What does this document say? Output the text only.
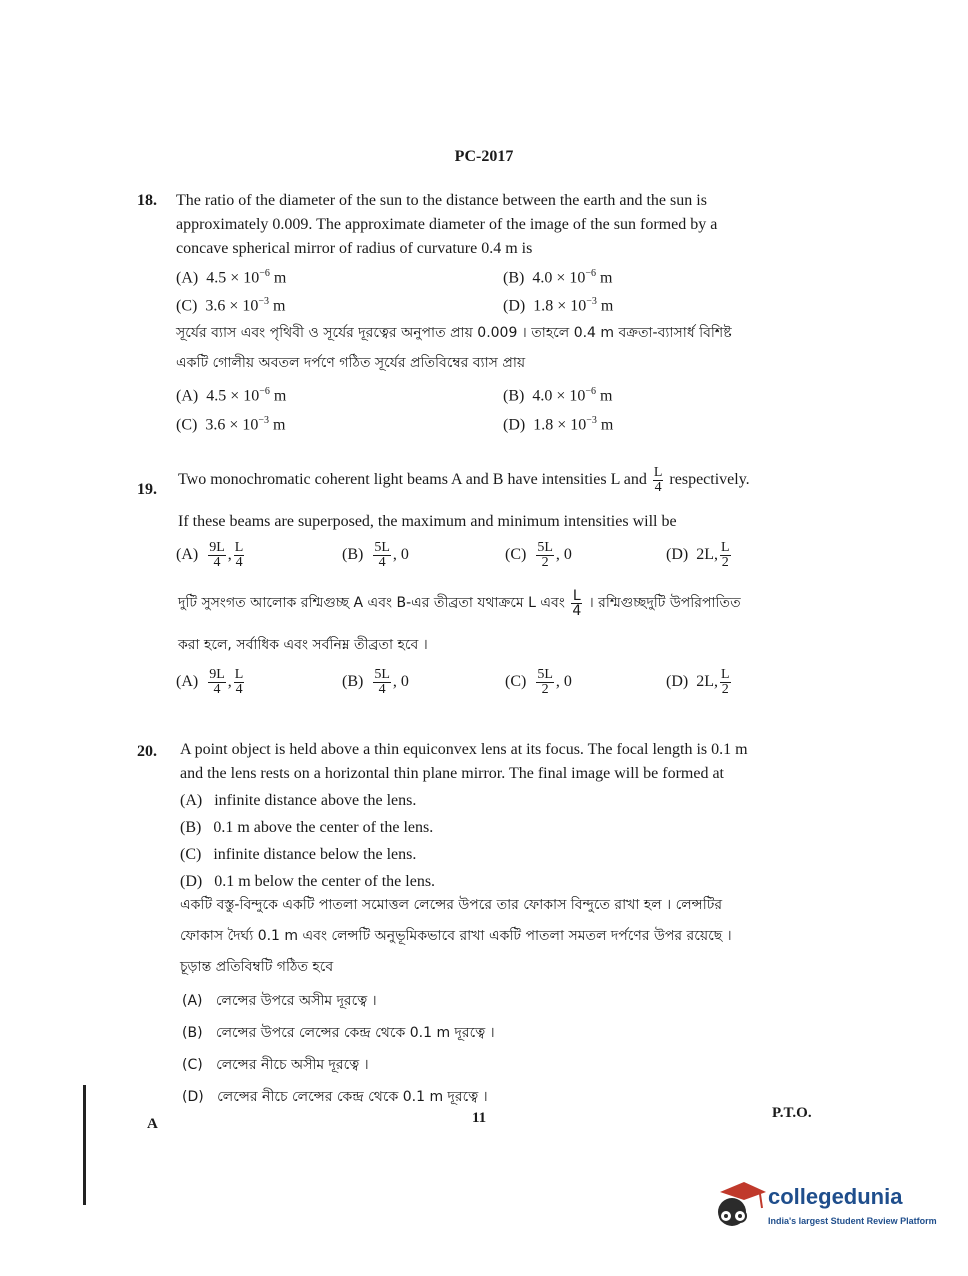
PC-2017
18. The ratio of the diameter of the sun to the distance between the earth and the sun is
approximately 0.009. The approximate diameter of the image of the sun formed by a
concave spherical mirror of radius of curvature 0.4 m is
(A) $4.5 \times 10^{-6}$ m	(B) $4.0 \times 10^{-6}$ m
(C) $3.6 \times 10^{-3}$ m	(D) $1.8 \times 10^{-3}$ m
সূর্যের ব্যাস এবং পৃথিবী ও সূর্যের দূরত্বের অনুপাত প্রায় 0.009 । তাহলে 0.4 m বক্রতা-ব্যাসার্ধ বিশিষ্ট
একটি গোলীয় অবতল দর্পণে গঠিত সূর্যের প্রতিবিম্বের ব্যাস প্রায়
(A) $4.5 \times 10^{-6}$ m	(B) $4.0 \times 10^{-6}$ m
(C) $3.6 \times 10^{-3}$ m	(D) $1.8 \times 10^{-3}$ m
19.
Two monochromatic coherent light beams A and B have intensities L and $\frac{L}{4}$ respectively.
If these beams are superposed, the maximum and minimum intensities will be
$(A) \frac{9L}{4}$ , $\frac{L}{4}$	$(B) \frac{5L}{4}$ , 0	$(C) \frac{5L}{2}$ , 0	(D) 2L, $\frac{L}{2}$
দুটি সুসংগত আলোক রশ্মিগুচ্ছ A এবং B-এর তীব্রতা যথাক্রমে L এবং $\frac{L}{4}$ । রশ্মিগুচ্ছদুটি উপরিপাতিত
করা হলে, সর্বাধিক এবং সর্বনিম্ন তীব্রতা হবে ।
$(A) \frac{9L}{4}$ , $\frac{L}{4}$	$(B) \frac{5L}{4}$ , 0	$(C) \frac{5L}{2}$ , 0	(D) 2L, $\frac{L}{2}$
20. A point object is held above a thin equiconvex lens at its focus. The focal length is 0.1 m
and the lens rests on a horizontal thin plane mirror. The final image will be formed at
(A) infinite distance above the lens.
(B) 0.1 m above the center of the lens.
(C) infinite distance below the lens.
(D) 0.1 m below the center of the lens.
একটি বস্তু-বিন্দুকে একটি পাতলা সমোত্তল লেন্সের উপরে তার ফোকাস বিন্দুতে রাখা হল । লেন্সটির
ফোকাস দৈর্ঘ্য 0.1 m এবং লেন্সটি অনুভূমিকভাবে রাখা একটি পাতলা সমতল দর্পণের উপর রয়েছে ।
চূড়ান্ত প্রতিবিম্বটি গঠিত হবে
(A) লেন্সের উপরে অসীম দূরত্বে ।
(B) লেন্সের উপরে লেন্সের কেন্দ্র থেকে 0.1 m দূরত্বে ।
(C) লেন্সের নীচে অসীম দূরত্বে ।
(D) লেন্সের নীচে লেন্সের কেন্দ্র থেকে 0.1 m দূরত্বে ।
A	11	P.T.O.
collegedunia
India's largest Student Review Platform
